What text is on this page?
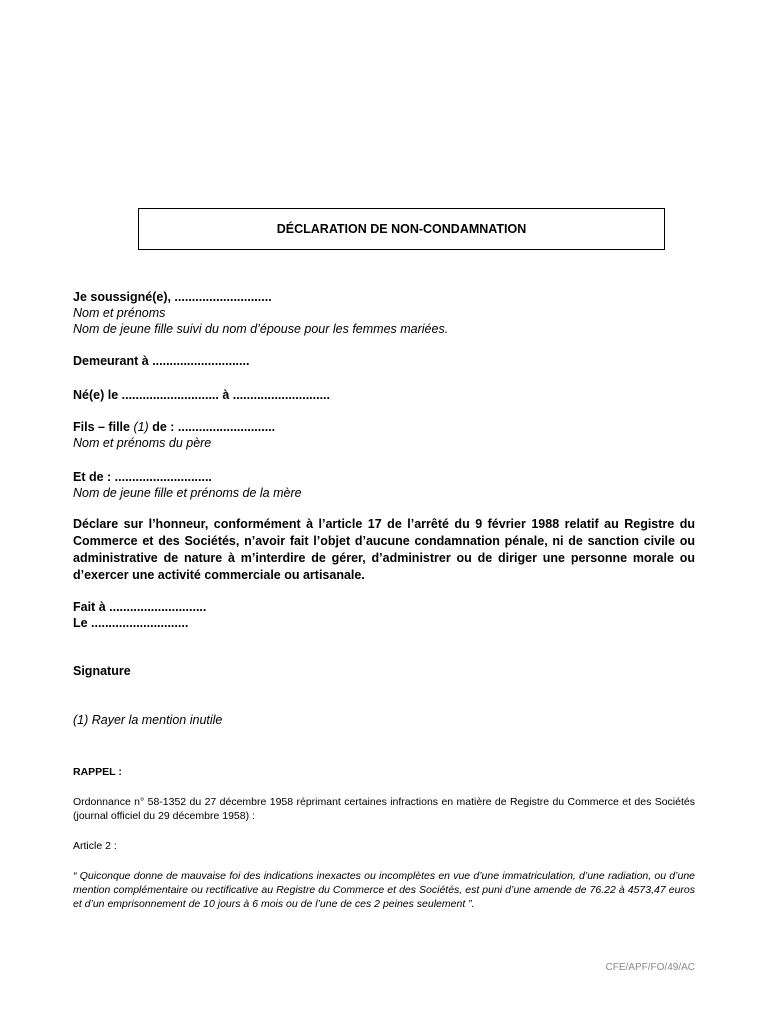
DÉCLARATION DE NON-CONDAMNATION
Je soussigné(e), ............................
Nom et prénoms
Nom de jeune fille suivi du nom d’épouse pour les femmes mariées.
Demeurant à ............................
Né(e) le ............................ à ............................
Fils – fille (1) de : ............................
Nom et prénoms du père
Et de : ............................
Nom de jeune fille et prénoms de la mère
Déclare sur l’honneur, conformément à l’article 17 de l’arrêté du 9 février 1988 relatif au Registre du Commerce et des Sociétés, n’avoir fait l’objet d’aucune condamnation pénale, ni de sanction civile ou administrative de nature à m’interdire de gérer, d’administrer ou de diriger une personne morale ou d’exercer une activité commerciale ou artisanale.
Fait à ............................
Le ............................
Signature
(1) Rayer la mention inutile
RAPPEL :
Ordonnance n° 58-1352 du 27 décembre 1958 réprimant certaines infractions en matière de Registre du Commerce et des Sociétés (journal officiel du 29 décembre 1958) :
Article 2 :
“ Quiconque donne de mauvaise foi des indications inexactes ou incomplètes en vue d’une immatriculation, d’une radiation, ou d’une mention complémentaire ou rectificative au Registre du Commerce et des Sociétés, est puni d’une amende de 76.22 à 4573,47 euros et d’un emprisonnement de 10 jours à 6 mois ou de l’une de ces 2 peines seulement ”.
CFE/APF/FO/49/AC
